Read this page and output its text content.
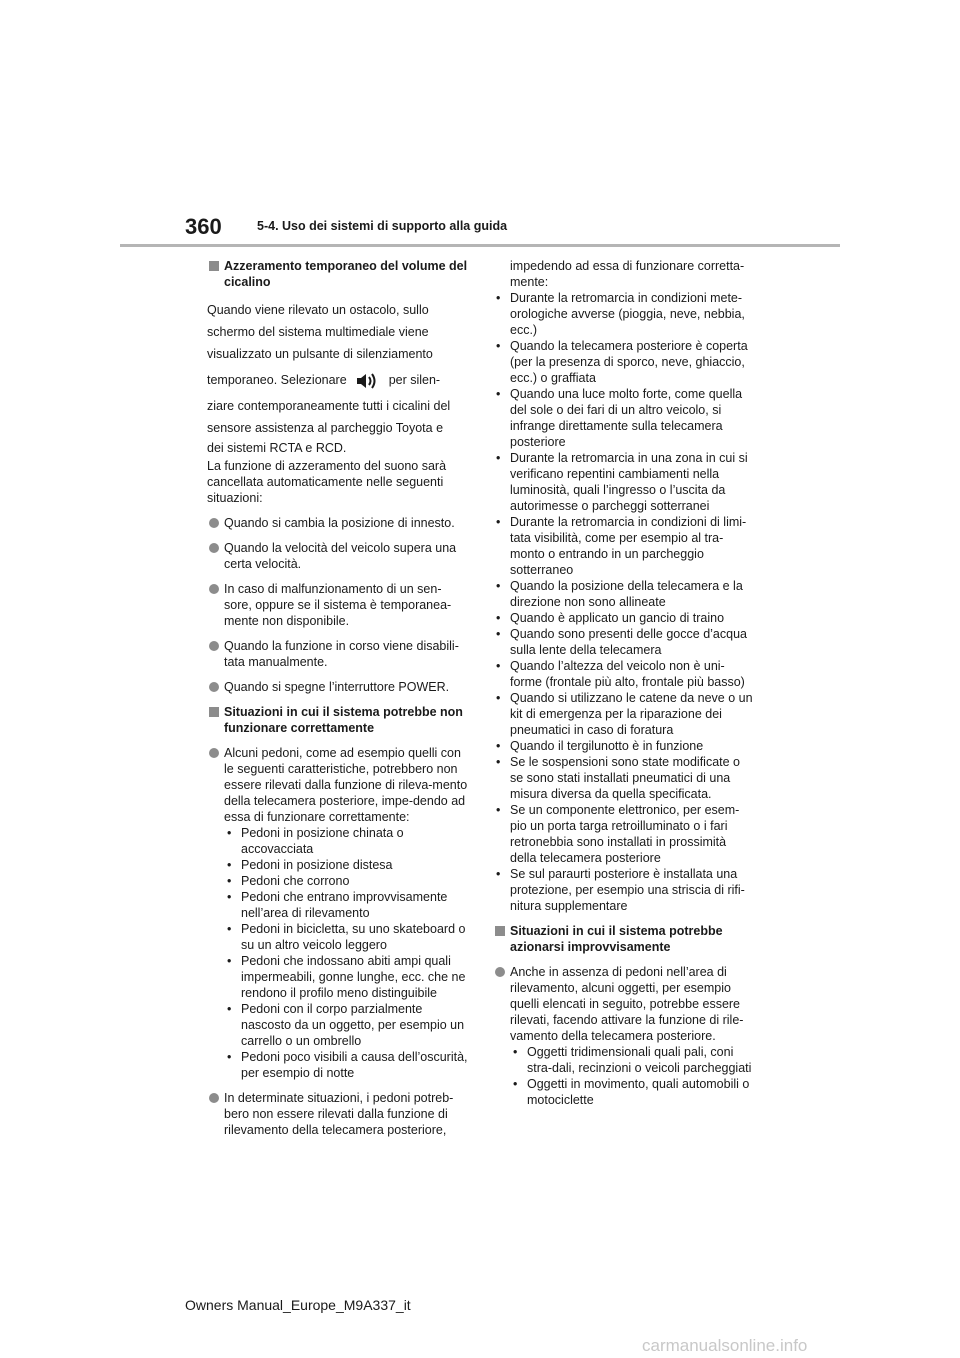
360	5-4. Uso dei sistemi di supporto alla guida
Azzeramento temporaneo del volume del cicalino
Quando viene rilevato un ostacolo, sullo
schermo del sistema multimediale viene
visualizzato un pulsante di silenziamento
temporaneo. Selezionare	per silen-
ziare contemporaneamente tutti i cicalini del
sensore assistenza al parcheggio Toyota e
dei sistemi RCTA e RCD.
La funzione di azzeramento del suono sarà cancellata automaticamente nelle seguenti situazioni:
Quando si cambia la posizione di innesto.
Quando la velocità del veicolo supera una certa velocità.
In caso di malfunzionamento di un sen-sore, oppure se il sistema è temporanea-mente non disponibile.
Quando la funzione in corso viene disabili-tata manualmente.
Quando si spegne l’interruttore POWER.
Situazioni in cui il sistema potrebbe non funzionare correttamente
Alcuni pedoni, come ad esempio quelli con le seguenti caratteristiche, potrebbero non essere rilevati dalla funzione di rileva-mento della telecamera posteriore, impe-dendo ad essa di funzionare correttamente:
• Pedoni in posizione chinata o accovacciata
• Pedoni in posizione distesa
• Pedoni che corrono
• Pedoni che entrano improvvisamente nell’area di rilevamento
• Pedoni in bicicletta, su uno skateboard o su un altro veicolo leggero
• Pedoni che indossano abiti ampi quali impermeabili, gonne lunghe, ecc. che ne rendono il profilo meno distinguibile
• Pedoni con il corpo parzialmente nascosto da un oggetto, per esempio un carrello o un ombrello
• Pedoni poco visibili a causa dell’oscurità, per esempio di notte
In determinate situazioni, i pedoni potreb-bero non essere rilevati dalla funzione di rilevamento della telecamera posteriore,
impedendo ad essa di funzionare corretta-mente:
• Durante la retromarcia in condizioni mete-orologiche avverse (pioggia, neve, nebbia, ecc.)
• Quando la telecamera posteriore è coperta (per la presenza di sporco, neve, ghiaccio, ecc.) o graffiata
• Quando una luce molto forte, come quella del sole o dei fari di un altro veicolo, si infrange direttamente sulla telecamera posteriore
• Durante la retromarcia in una zona in cui si verificano repentini cambiamenti nella luminosità, quali l’ingresso o l’uscita da autorimesse o parcheggi sotterranei
• Durante la retromarcia in condizioni di limi-tata visibilità, come per esempio al tra-monto o entrando in un parcheggio sotterraneo
• Quando la posizione della telecamera e la direzione non sono allineate
• Quando è applicato un gancio di traino
• Quando sono presenti delle gocce d’acqua sulla lente della telecamera
• Quando l’altezza del veicolo non è uni-forme (frontale più alto, frontale più basso)
• Quando si utilizzano le catene da neve o un kit di emergenza per la riparazione dei pneumatici in caso di foratura
• Quando il tergilunotto è in funzione
• Se le sospensioni sono state modificate o se sono stati installati pneumatici di una misura diversa da quella specificata.
• Se un componente elettronico, per esem-pio un porta targa retroilluminato o i fari retronebbia sono installati in prossimità della telecamera posteriore
• Se sul paraurti posteriore è installata una protezione, per esempio una striscia di rifi-nitura supplementare
Situazioni in cui il sistema potrebbe azionarsi improvvisamente
Anche in assenza di pedoni nell’area di rilevamento, alcuni oggetti, per esempio quelli elencati in seguito, potrebbe essere rilevati, facendo attivare la funzione di rile-vamento della telecamera posteriore.
• Oggetti tridimensionali quali pali, coni stra-dali, recinzioni o veicoli parcheggiati
• Oggetti in movimento, quali automobili o motociclette
Owners Manual_Europe_M9A337_it
carmanualsonline.info
